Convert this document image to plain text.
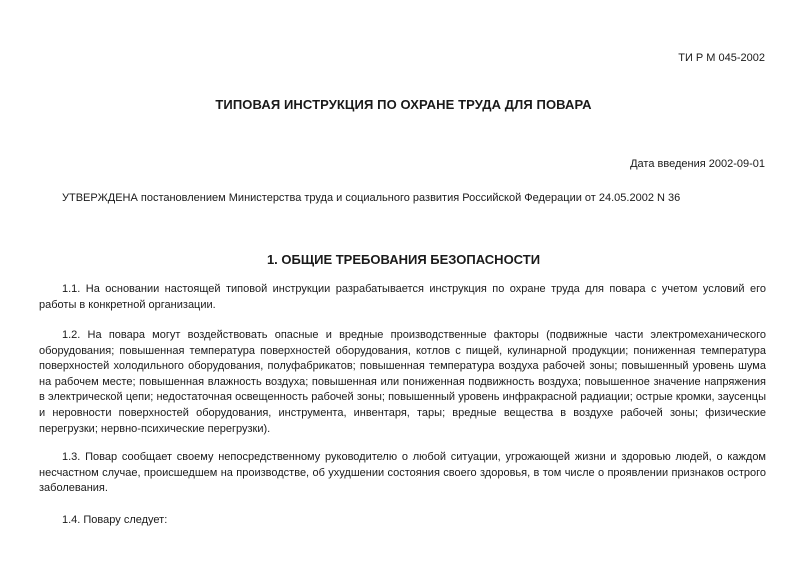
ТИ Р М 045-2002
ТИПОВАЯ ИНСТРУКЦИЯ ПО ОХРАНЕ ТРУДА ДЛЯ ПОВАРА
Дата введения 2002-09-01
УТВЕРЖДЕНА постановлением Министерства труда и социального развития Российской Федерации от 24.05.2002 N 36
1. ОБЩИЕ ТРЕБОВАНИЯ БЕЗОПАСНОСТИ

1.1. На основании настоящей типовой инструкции разрабатывается инструкция по охране труда для повара с учетом условий его работы в конкретной организации.

1.2. На повара могут воздействовать опасные и вредные производственные факторы (подвижные части электромеханического оборудования; повышенная температура поверхностей оборудования, котлов с пищей, кулинарной продукции; пониженная температура поверхностей холодильного оборудования, полуфабрикатов; повышенная температура воздуха рабочей зоны; повышенный уровень шума на рабочем месте; повышенная влажность воздуха; повышенная или пониженная подвижность воздуха; повышенное значение напряжения в электрической цепи; недостаточная освещенность рабочей зоны; повышенный уровень инфракрасной радиации; острые кромки, заусенцы и неровности поверхностей оборудования, инструмента, инвентаря, тары; вредные вещества в воздухе рабочей зоны; физические перегрузки; нервно-психические перегрузки).

1.3. Повар сообщает своему непосредственному руководителю о любой ситуации, угрожающей жизни и здоровью людей, о каждом несчастном случае, происшедшем на производстве, об ухудшении состояния своего здоровья, в том числе о проявлении признаков острого заболевания.

1.4. Повару следует:
